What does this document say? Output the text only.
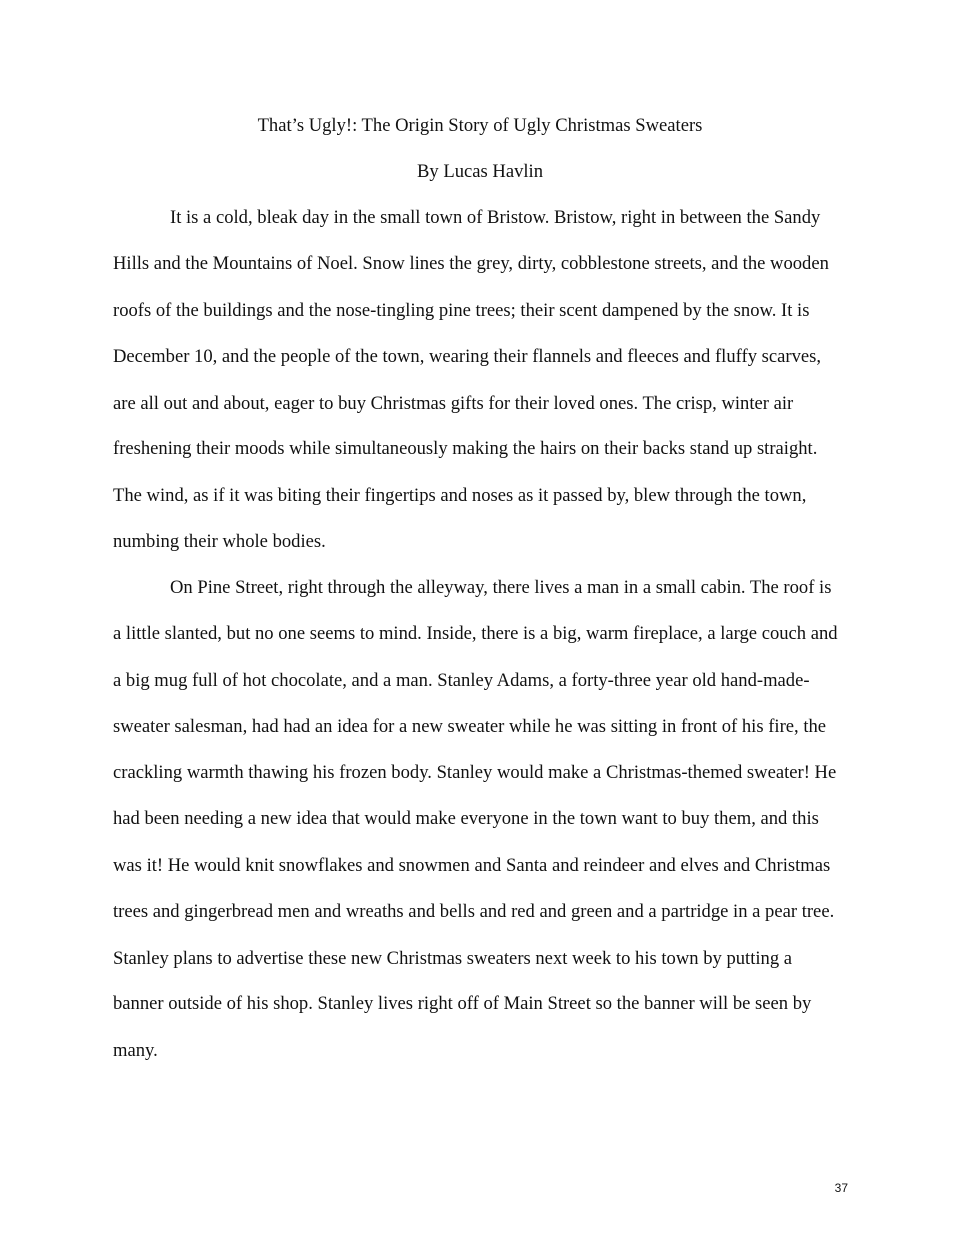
That’s Ugly!: The Origin Story of Ugly Christmas Sweaters
By Lucas Havlin
It is a cold, bleak day in the small town of Bristow. Bristow, right in between the Sandy
Hills and the Mountains of Noel. Snow lines the grey, dirty, cobblestone streets, and the wooden
roofs of the buildings and the nose-tingling pine trees; their scent dampened by the snow. It is
December 10, and the people of the town, wearing their flannels and fleeces and fluffy scarves,
are all out and about, eager to buy Christmas gifts for their loved ones. The crisp, winter air
freshening their moods while simultaneously making the hairs on their backs stand up straight.
The wind, as if it was biting their fingertips and noses as it passed by, blew through the town,
numbing their whole bodies.
On Pine Street, right through the alleyway, there lives a man in a small cabin. The roof is
a little slanted, but no one seems to mind. Inside, there is a big, warm fireplace, a large couch and
a big mug full of hot chocolate, and a man. Stanley Adams, a forty-three year old hand-made-
sweater salesman, had had an idea for a new sweater while he was sitting in front of his fire, the
crackling warmth thawing his frozen body. Stanley would make a Christmas-themed sweater! He
had been needing a new idea that would make everyone in the town want to buy them, and this
was it! He would knit snowflakes and snowmen and Santa and reindeer and elves and Christmas
trees and gingerbread men and wreaths and bells and red and green and a partridge in a pear tree.
Stanley plans to advertise these new Christmas sweaters next week to his town by putting a
banner outside of his shop. Stanley lives right off of Main Street so the banner will be seen by
many.
37
